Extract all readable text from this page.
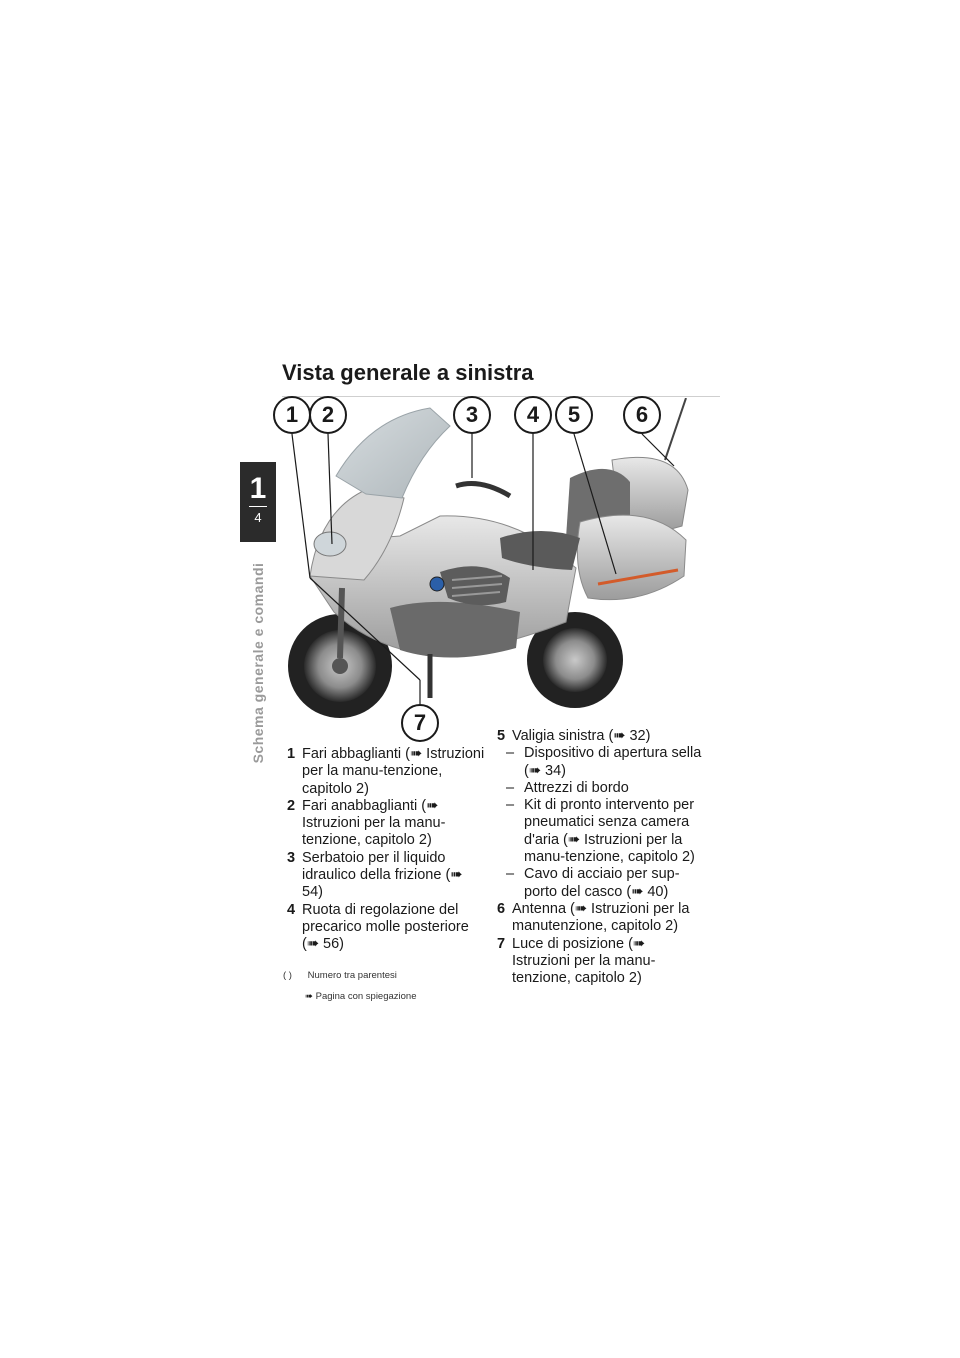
1
4
Schema generale e comandi
Vista generale a sinistra
1	2	3	4	5	6
7
1 Fari abbaglianti (➠ Istruzioni per la manu-tenzione, capitolo 2)
2 Fari anabbaglianti (➠ Istruzioni per la manu-tenzione, capitolo 2)
3 Serbatoio per il liquido idraulico della frizione (➠ 54)
4 Ruota di regolazione del precarico molle posteriore (➠ 56)
5 Valigia sinistra (➠ 32)
– Dispositivo di apertura sella (➠ 34)
– Attrezzi di bordo
– Kit di pronto intervento per pneumatici senza camera d'aria (➠ Istruzioni per la manu-tenzione, capitolo 2)
– Cavo di acciaio per sup-porto del casco (➠ 40)
6 Antenna (➠ Istruzioni per la manutenzione, capitolo 2)
7 Luce di posizione (➠ Istruzioni per la manu-tenzione, capitolo 2)
( ) Numero tra parentesi
➠ Pagina con spiegazione
